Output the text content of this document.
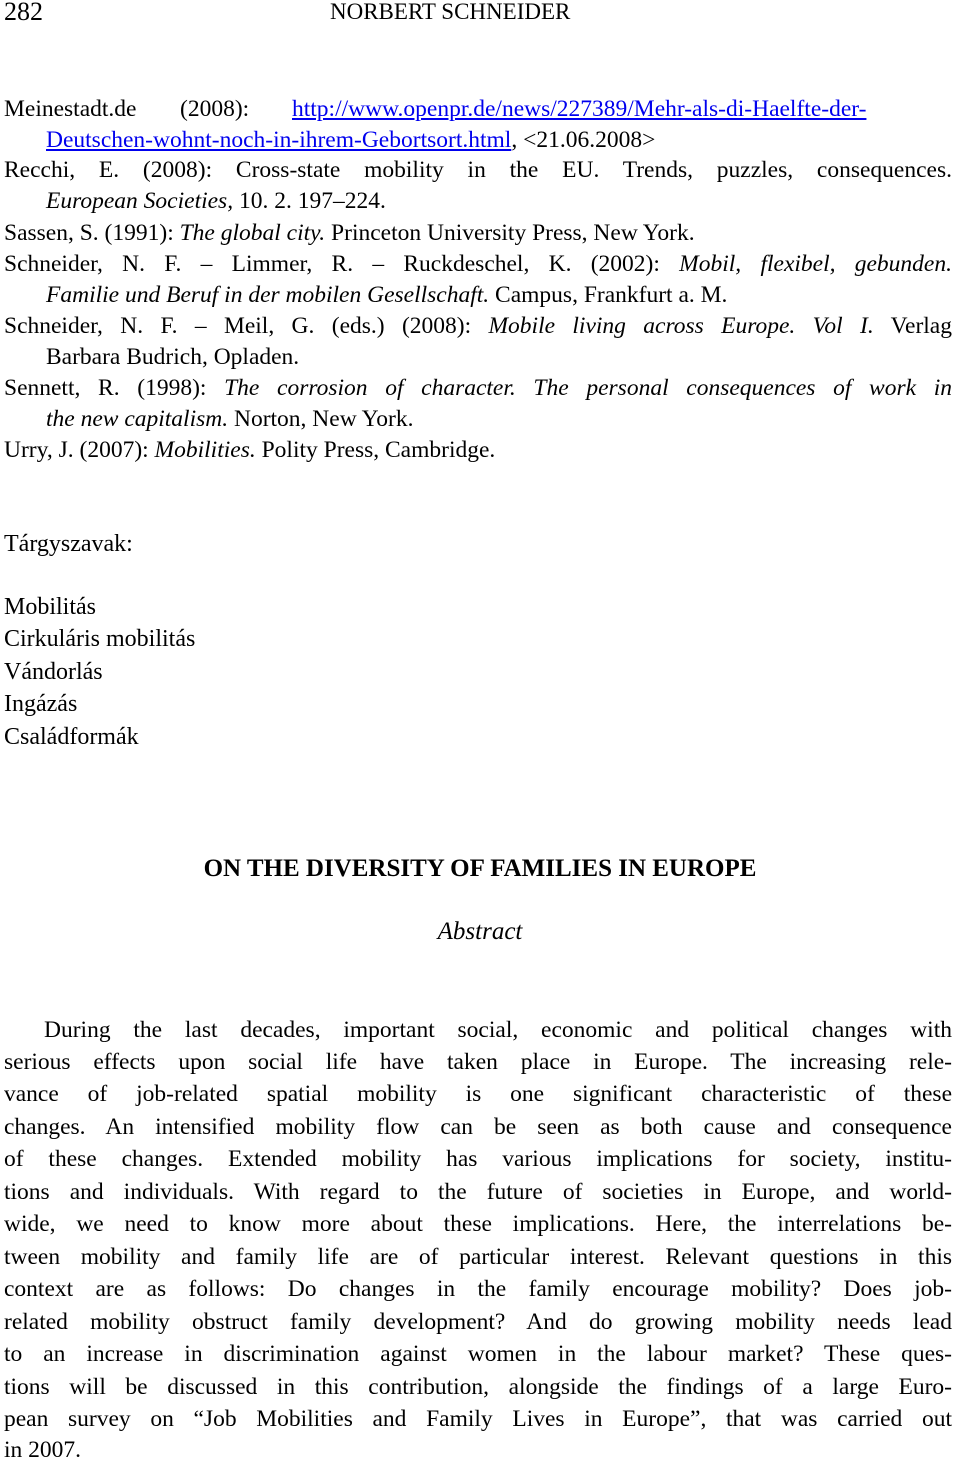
282	NORBERT SCHNEIDER
Meinestadt.de (2008): http://www.openpr.de/news/227389/Mehr-als-di-Haelfte-der-
Deutschen-wohnt-noch-in-ihrem-Gebortsort.html, <21.06.2008>
Recchi, E. (2008): Cross-state mobility in the EU. Trends, puzzles, consequences.
European Societies, 10. 2. 197–224.
Sassen, S. (1991): The global city. Princeton University Press, New York.
Schneider, N. F. – Limmer, R. – Ruckdeschel, K. (2002): Mobil, flexibel, gebunden.
Familie und Beruf in der mobilen Gesellschaft. Campus, Frankfurt a. M.
Schneider, N. F. – Meil, G. (eds.) (2008): Mobile living across Europe. Vol I. Verlag
Barbara Budrich, Opladen.
Sennett, R. (1998): The corrosion of character. The personal consequences of work in
the new capitalism. Norton, New York.
Urry, J. (2007): Mobilities. Polity Press, Cambridge.
Tárgyszavak:
Mobilitás
Cirkuláris mobilitás
Vándorlás
Ingázás
Családformák
ON THE DIVERSITY OF FAMILIES IN EUROPE
Abstract
During the last decades, important social, economic and political changes with
serious effects upon social life have taken place in Europe. The increasing rele-
vance of job-related spatial mobility is one significant characteristic of these
changes. An intensified mobility flow can be seen as both cause and consequence
of these changes. Extended mobility has various implications for society, institu-
tions and individuals. With regard to the future of societies in Europe, and world-
wide, we need to know more about these implications. Here, the interrelations be-
tween mobility and family life are of particular interest. Relevant questions in this
context are as follows: Do changes in the family encourage mobility? Does job-
related mobility obstruct family development? And do growing mobility needs lead
to an increase in discrimination against women in the labour market? These ques-
tions will be discussed in this contribution, alongside the findings of a large Euro-
pean survey on “Job Mobilities and Family Lives in Europe”, that was carried out
in 2007.
